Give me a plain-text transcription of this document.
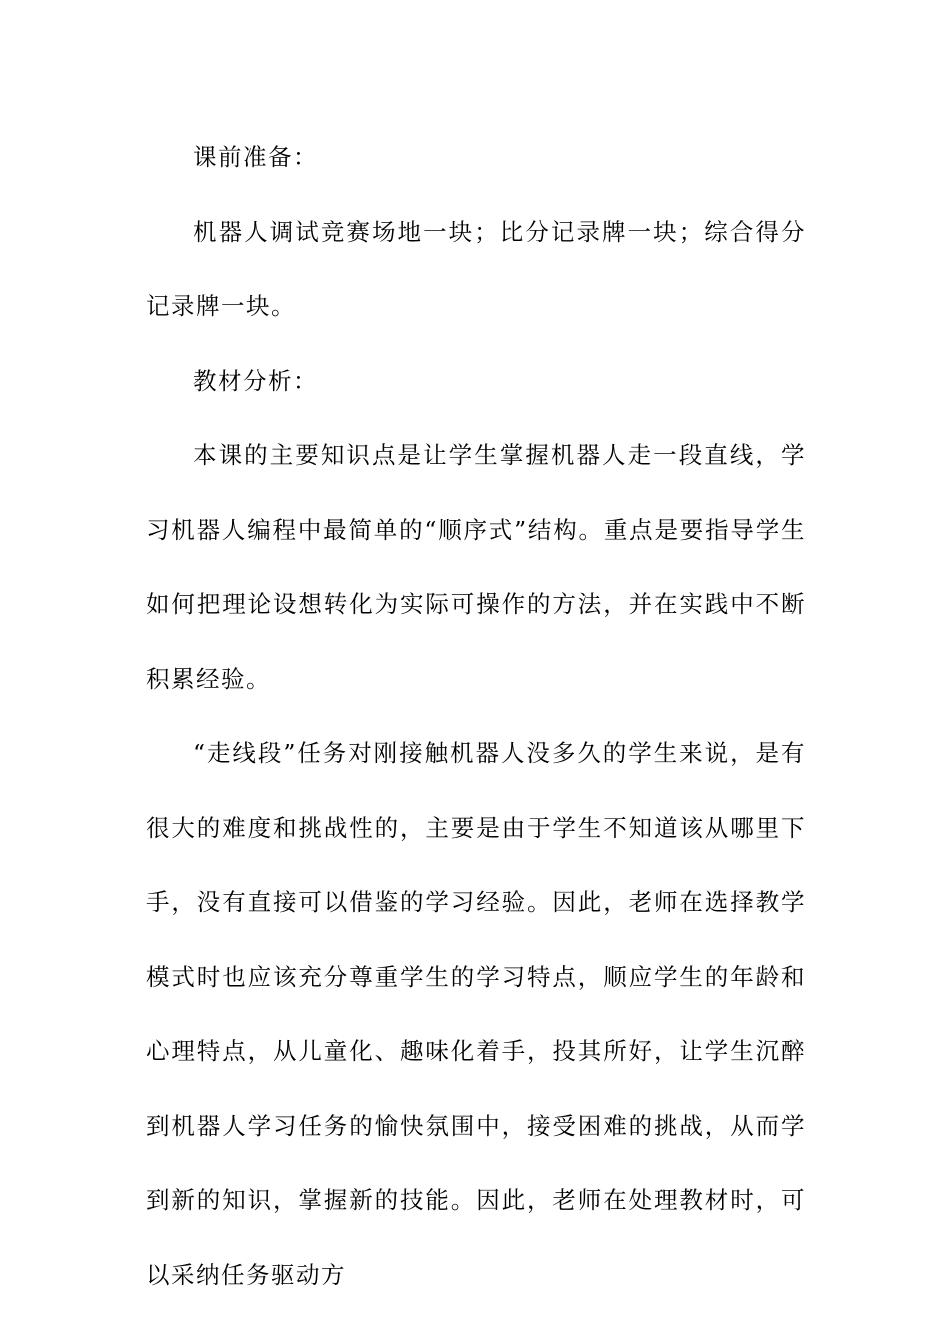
课前准备：

机器人调试竞赛场地一块；比分记录牌一块；综合得分记录牌一块。

教材分析：

本课的主要知识点是让学生掌握机器人走一段直线，学习机器人编程中最简单的“顺序式”结构。重点是要指导学生如何把理论设想转化为实际可操作的方法，并在实践中不断积累经验。

“走线段”任务对刚接触机器人没多久的学生来说，是有很大的难度和挑战性的，主要是由于学生不知道该从哪里下手，没有直接可以借鉴的学习经验。因此，老师在选择教学模式时也应该充分尊重学生的学习特点，顺应学生的年龄和心理特点，从儿童化、趣味化着手，投其所好，让学生沉醉到机器人学习任务的愉快氛围中，接受困难的挑战，从而学到新的知识，掌握新的技能。因此，老师在处理教材时，可以采纳任务驱动方
